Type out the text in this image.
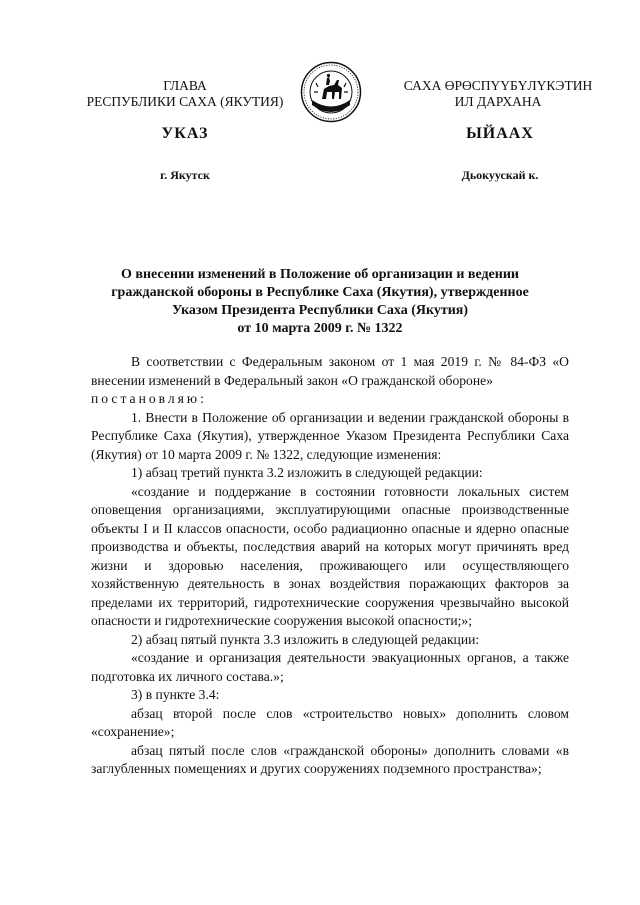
ГЛАВА
РЕСПУБЛИКИ САХА (ЯКУТИЯ)
САХА ӨРӨСПҮҮБҮЛҮКЭТИН
ИЛ ДАРХАНА
УКАЗ	ЫЙААХ
г. Якутск	Дьокуускай к.
О внесении изменений в Положение об организации и ведении
гражданской обороны в Республике Саха (Якутия), утвержденное
Указом Президента Республики Саха (Якутия)
от 10 марта 2009 г. № 1322

В соответствии с Федеральным законом от 1 мая 2019 г. № 84-ФЗ «О внесении изменений в Федеральный закон «О гражданской обороне»

постановляю:

1. Внести в Положение об организации и ведении гражданской обороны в Республике Саха (Якутия), утвержденное Указом Президента Республики Саха (Якутия) от 10 марта 2009 г. № 1322, следующие изменения:

1) абзац третий пункта 3.2 изложить в следующей редакции:

«создание и поддержание в состоянии готовности локальных систем оповещения организациями, эксплуатирующими опасные производственные объекты I и II классов опасности, особо радиационно опасные и ядерно опасные производства и объекты, последствия аварий на которых могут причинять вред жизни и здоровью населения, проживающего или осуществляющего хозяйственную деятельность в зонах воздействия поражающих факторов за пределами их территорий, гидротехнические сооружения чрезвычайно высокой опасности и гидротехнические сооружения высокой опасности;»;

2) абзац пятый пункта 3.3 изложить в следующей редакции:

«создание и организация деятельности эвакуационных органов, а также подготовка их личного состава.»;

3) в пункте 3.4:

абзац второй после слов «строительство новых» дополнить словом «сохранение»;

абзац пятый после слов «гражданской обороны» дополнить словами «в заглубленных помещениях и других сооружениях подземного пространства»;
